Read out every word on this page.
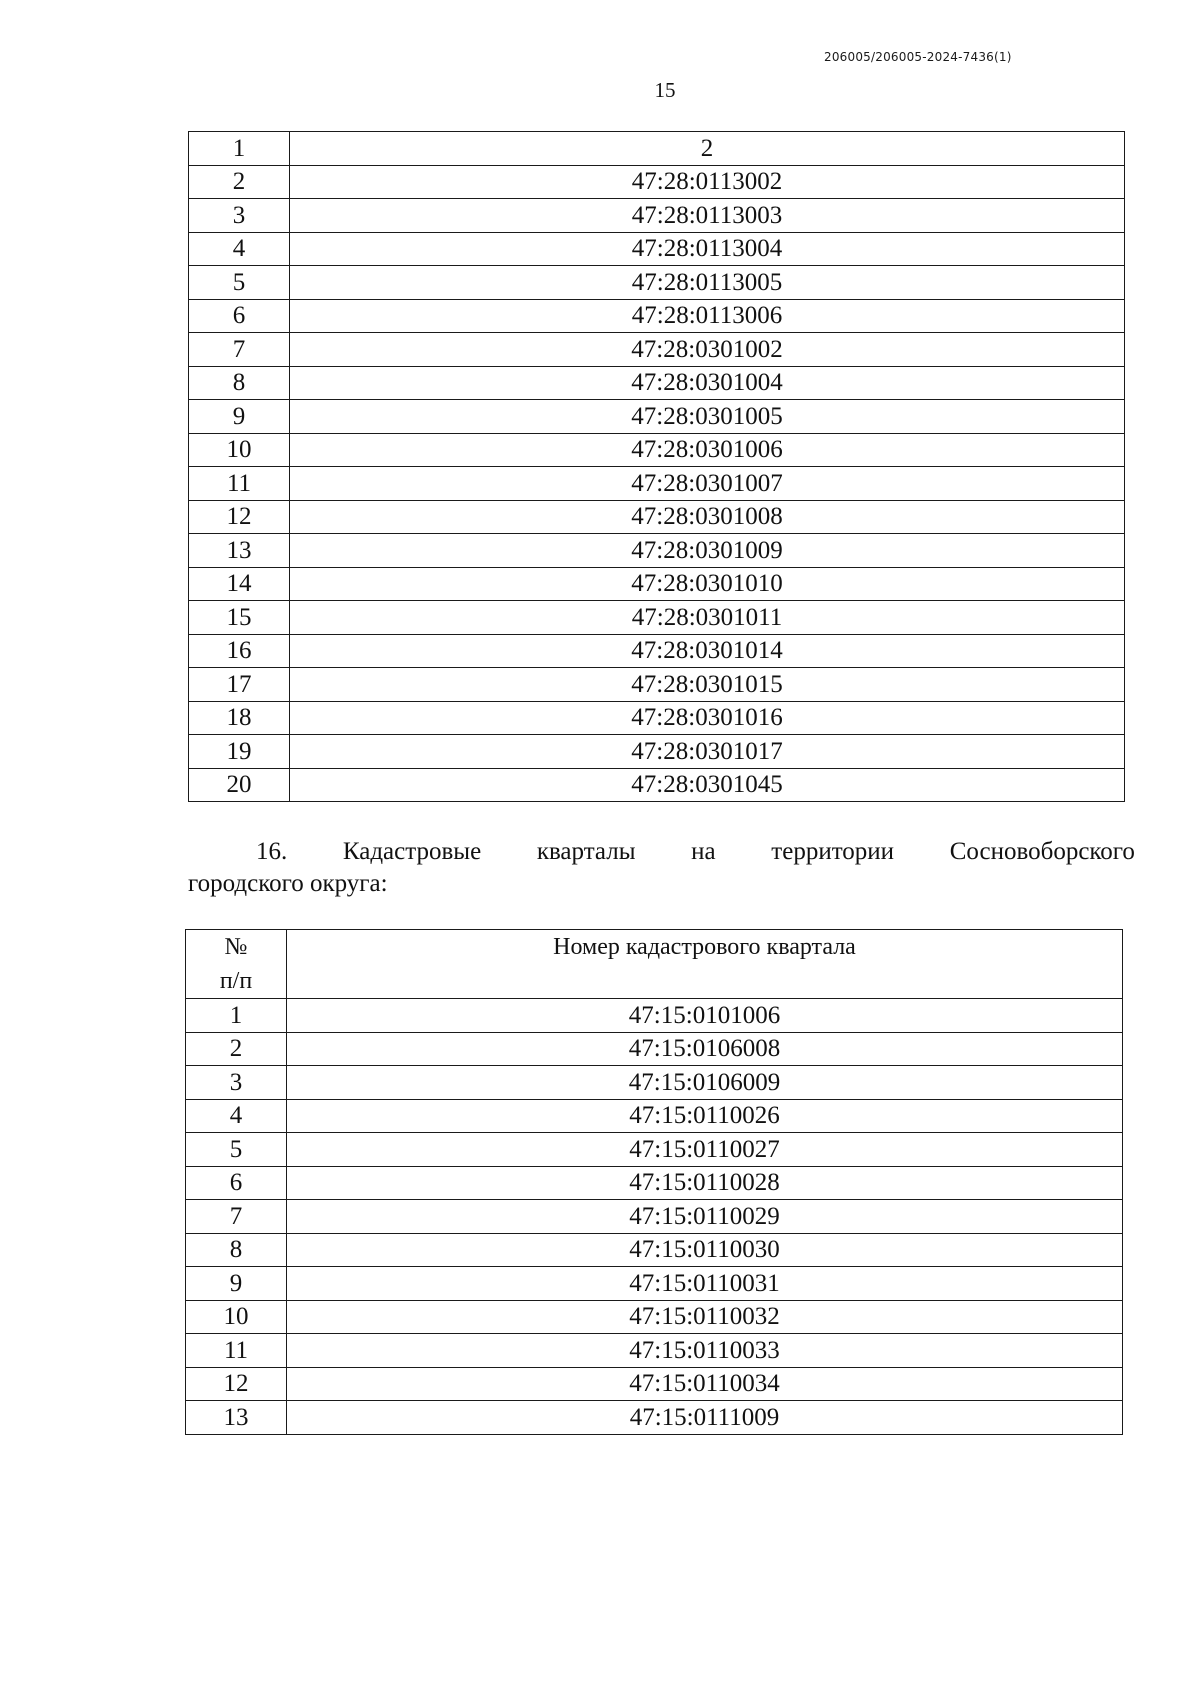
206005/206005-2024-7436(1)
15
1	2
2	47:28:0113002
3	47:28:0113003
4	47:28:0113004
5	47:28:0113005
6	47:28:0113006
7	47:28:0301002
8	47:28:0301004
9	47:28:0301005
10	47:28:0301006
11	47:28:0301007
12	47:28:0301008
13	47:28:0301009
14	47:28:0301010
15	47:28:0301011
16	47:28:0301014
17	47:28:0301015
18	47:28:0301016
19	47:28:0301017
20	47:28:0301045
16. Кадастровые кварталы на территории Сосновоборского
городского округа:
№
п/п	Номер кадастрового квартала
1	47:15:0101006
2	47:15:0106008
3	47:15:0106009
4	47:15:0110026
5	47:15:0110027
6	47:15:0110028
7	47:15:0110029
8	47:15:0110030
9	47:15:0110031
10	47:15:0110032
11	47:15:0110033
12	47:15:0110034
13	47:15:0111009
